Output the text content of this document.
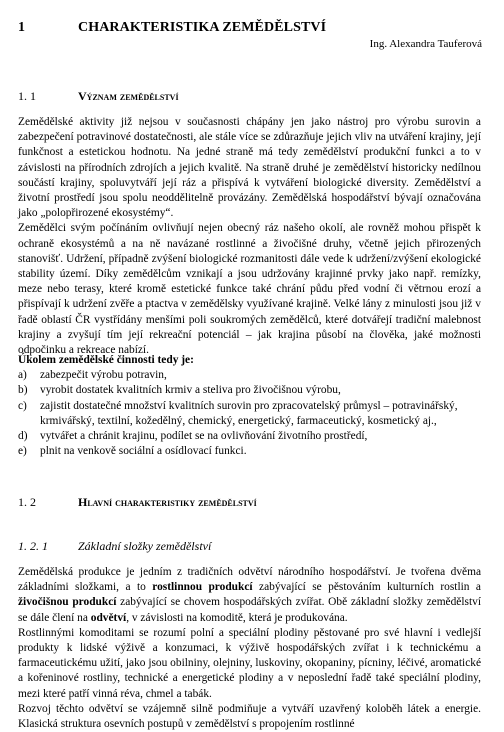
1	CHARAKTERISTIKA ZEMĚDĚLSTVÍ
Ing. Alexandra Tauferová
1. 1	Význam zemědělství

Zemědělské aktivity již nejsou v současnosti chápány jen jako nástroj pro výrobu surovin a zabezpečení potravinové dostatečnosti, ale stále více se zdůrazňuje jejich vliv na utváření krajiny, její funkčnost a estetickou hodnotu. Na jedné straně má tedy zemědělství produkční funkci a to v závislosti na přírodních zdrojích a jejich kvalitě. Na straně druhé je zemědělství historicky nedílnou součástí krajiny, spoluvytváří její ráz a přispívá k vytváření biologické diversity. Zemědělství a životní prostředí jsou spolu neoddělitelně provázány. Zemědělská hospodářství bývají označována jako „polopřirozené ekosystémy“.

Zemědělci svým počínáním ovlivňují nejen obecný ráz našeho okolí, ale rovněž mohou přispět k ochraně ekosystémů a na ně navázané rostlinné a živočišné druhy, včetně jejich přirozených stanovišť. Udržení, případně zvýšení biologické rozmanitosti dále vede k udržení/zvýšení ekologické stability území. Díky zemědělcům vznikají a jsou udržovány krajinné prvky jako např. remízky, meze nebo terasy, které kromě estetické funkce také chrání půdu před vodní či větrnou erozí a přispívají k udržení zvěře a ptactva v zemědělsky využívané krajině. Velké lány z minulosti jsou již v řadě oblastí ČR vystřídány menšími poli soukromých zemědělců, které dotvářejí tradiční malebnost krajiny a zvyšují tím její rekreační potenciál – jak krajina působí na člověka, jaké možnosti odpočinku a rekreace nabízí.

Úkolem zemědělské činnosti tedy je:
a) zabezpečit výrobu potravin,
b) vyrobit dostatek kvalitních krmiv a steliva pro živočišnou výrobu,
c) zajistit dostatečné množství kvalitních surovin pro zpracovatelský průmysl – potravinářský, krmivářský, textilní, kožedělný, chemický, energetický, farmaceutický, kosmetický aj.,
d) vytvářet a chránit krajinu, podílet se na ovlivňování životního prostředí,
e) plnit na venkově sociální a osídlovací funkci.
1. 2	Hlavní charakteristiky zemědělství
1. 2. 1	Základní složky zemědělství

Zemědělská produkce je jedním z tradičních odvětví národního hospodářství. Je tvořena dvěma základními složkami, a to rostlinnou produkcí zabývající se pěstováním kulturních rostlin a živočišnou produkcí zabývající se chovem hospodářských zvířat. Obě základní složky zemědělství se dále člení na odvětví, v závislosti na komoditě, která je produkována.

Rostlinnými komoditami se rozumí polní a speciální plodiny pěstované pro své hlavní i vedlejší produkty k lidské výživě a konzumaci, k výživě hospodářských zvířat i k technickému a farmaceutickému užití, jako jsou obilniny, olejniny, luskoviny, okopaniny, pícniny, léčivé, aromatické a kořeninové rostliny, technické a energetické plodiny a v neposlední řadě také speciální plodiny, mezi které patří vinná réva, chmel a tabák.

Rozvoj těchto odvětví se vzájemně silně podmiňuje a vytváří uzavřený koloběh látek a energie. Klasická struktura osevních postupů v zemědělství s propojením rostlinné
